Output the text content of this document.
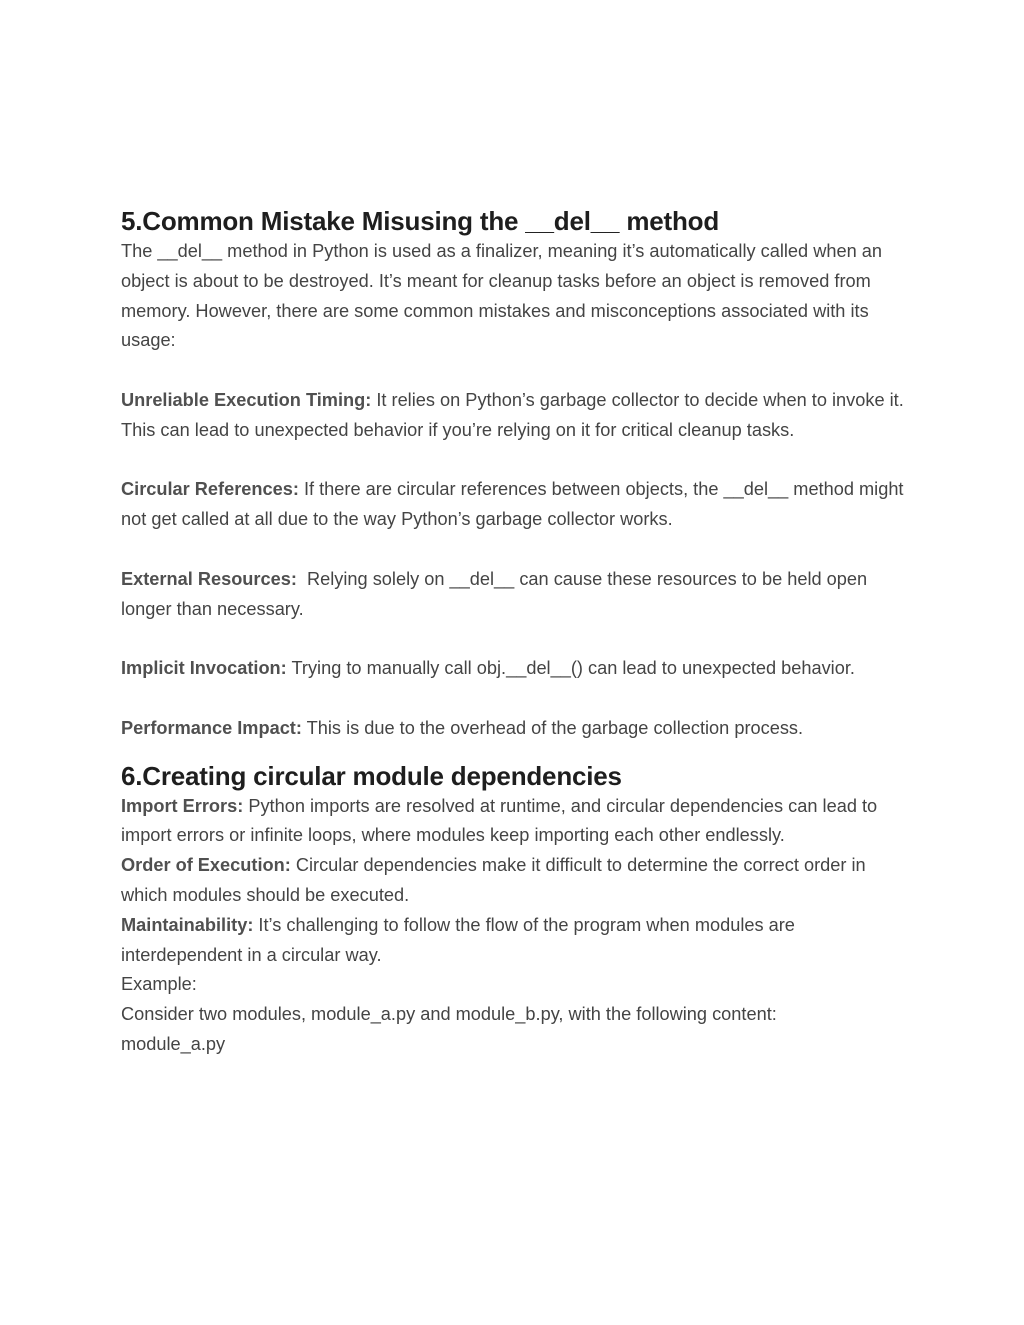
5.Common Mistake Misusing the __del__ method

The __del__ method in Python is used as a finalizer, meaning it’s automatically called when an object is about to be destroyed. It’s meant for cleanup tasks before an object is removed from memory. However, there are some common mistakes and misconceptions associated with its usage:

Unreliable Execution Timing: It relies on Python’s garbage collector to decide when to invoke it. This can lead to unexpected behavior if you’re relying on it for critical cleanup tasks.

Circular References: If there are circular references between objects, the __del__ method might not get called at all due to the way Python’s garbage collector works.

External Resources:  Relying solely on __del__ can cause these resources to be held open longer than necessary.

Implicit Invocation: Trying to manually call obj.__del__() can lead to unexpected behavior.

Performance Impact: This is due to the overhead of the garbage collection process.

6.Creating circular module dependencies

Import Errors: Python imports are resolved at runtime, and circular dependencies can lead to import errors or infinite loops, where modules keep importing each other endlessly.

Order of Execution: Circular dependencies make it difficult to determine the correct order in which modules should be executed.

Maintainability: It’s challenging to follow the flow of the program when modules are interdependent in a circular way.

Example:

Consider two modules, module_a.py and module_b.py, with the following content:

module_a.py
